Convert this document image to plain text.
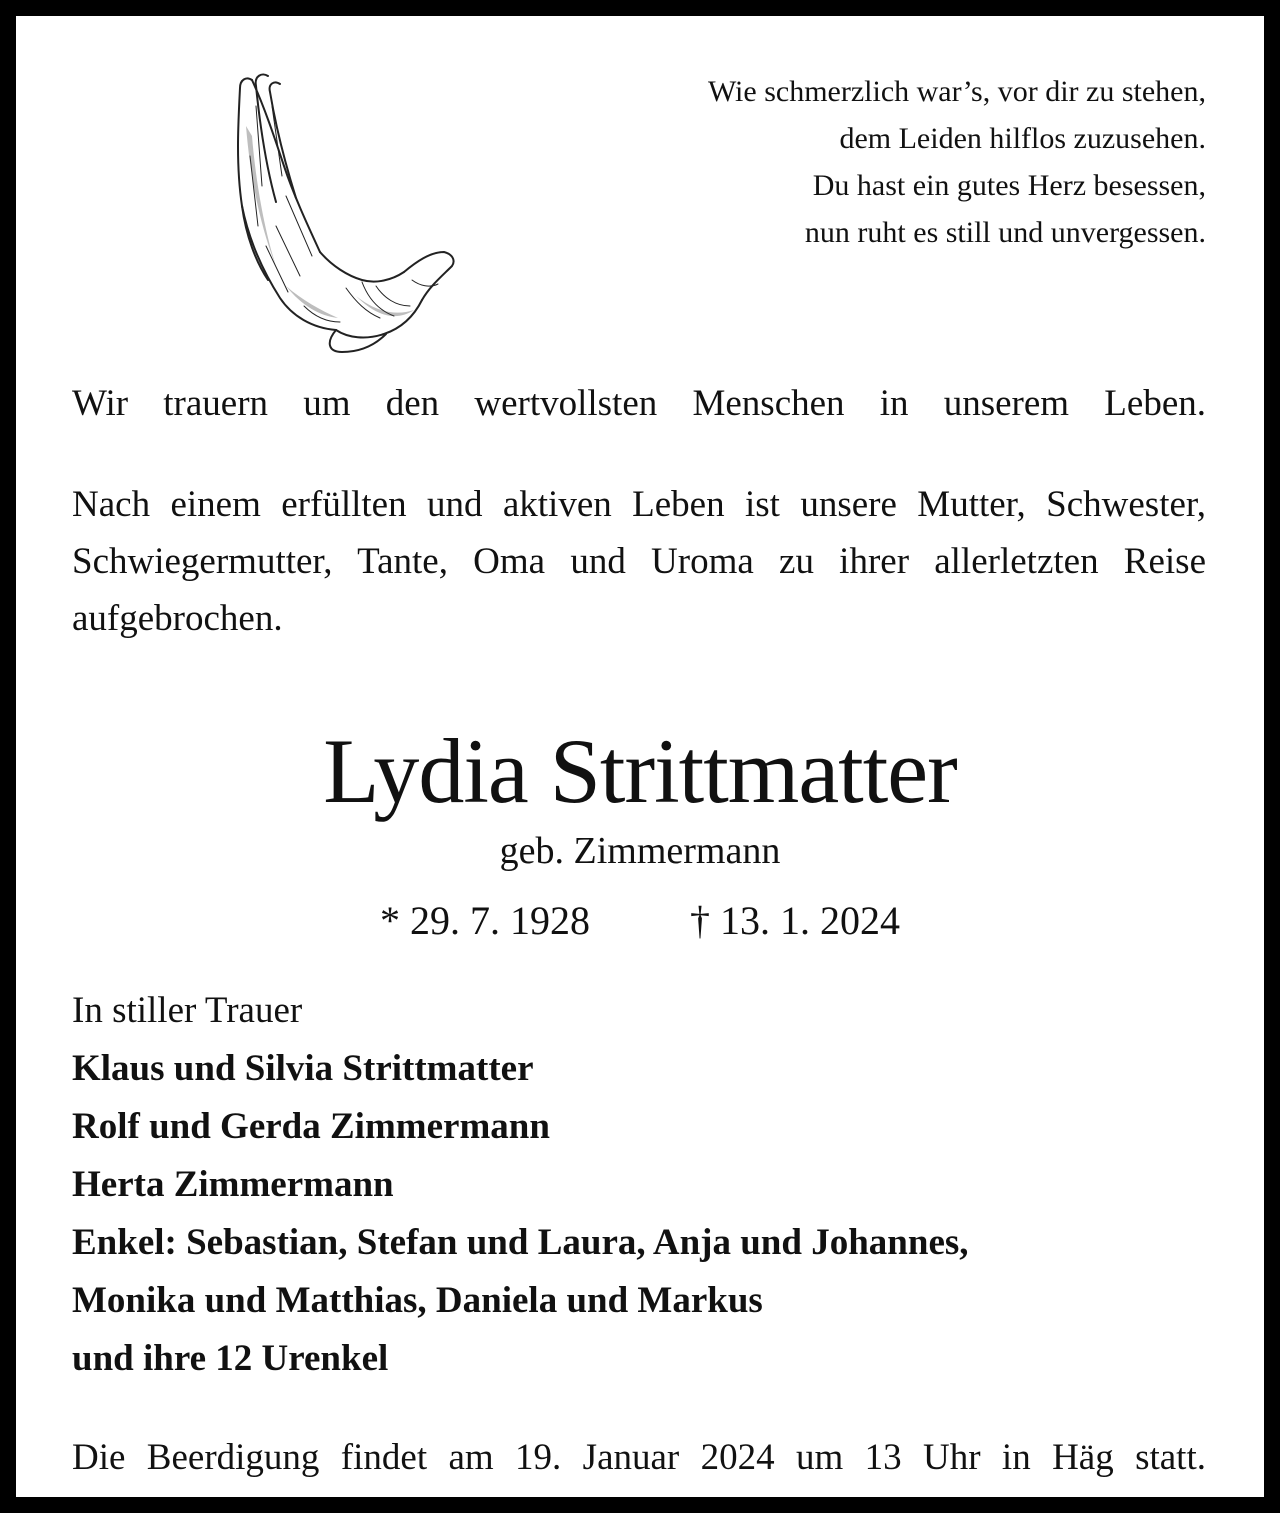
Wie schmerzlich war’s, vor dir zu stehen,
dem Leiden hilflos zuzusehen.
Du hast ein gutes Herz besessen,
nun ruht es still und unvergessen.
Wir trauern um den wertvollsten Menschen in unserem Leben.
Nach einem erfüllten und aktiven Leben ist unsere Mutter, Schwester, Schwiegermutter, Tante, Oma und Uroma zu ihrer allerletzten Reise aufgebrochen.
Lydia Strittmatter
geb. Zimmermann
* 29. 7. 1928	† 13. 1. 2024
In stiller Trauer
Klaus und Silvia Strittmatter
Rolf und Gerda Zimmermann
Herta Zimmermann
Enkel: Sebastian, Stefan und Laura, Anja und Johannes,
Monika und Matthias, Daniela und Markus
und ihre 12 Urenkel
Die Beerdigung findet am 19. Januar 2024 um 13 Uhr in Häg statt.
